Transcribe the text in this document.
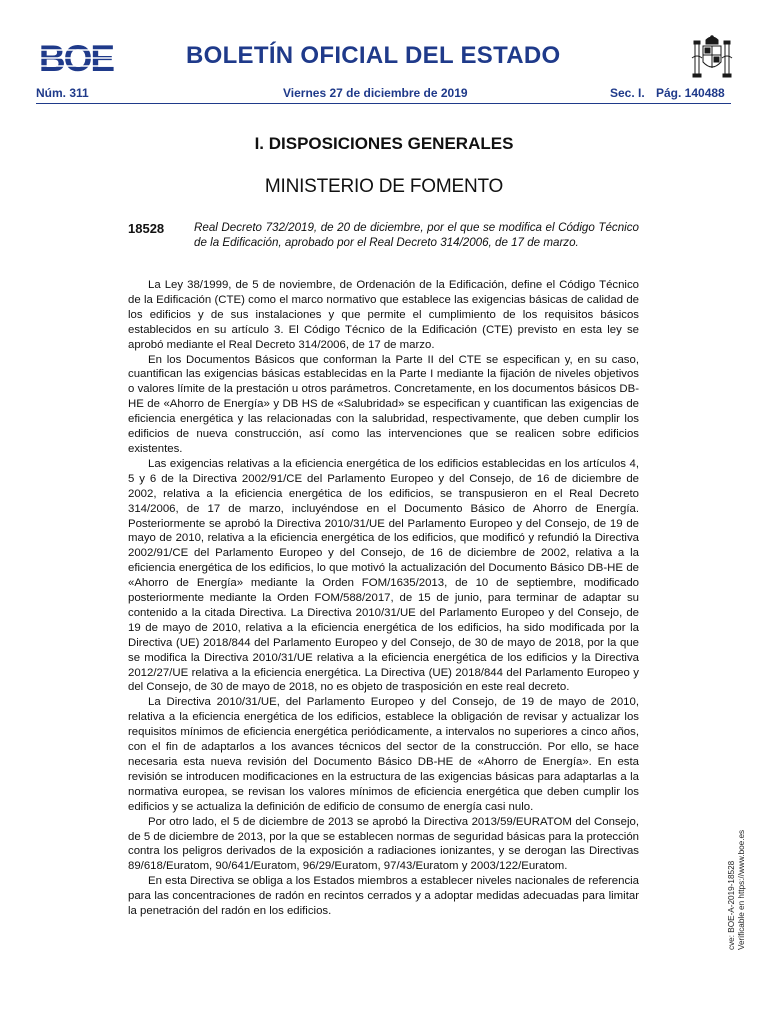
BOE	BOLETÍN OFICIAL DEL ESTADO
Núm. 311	Viernes 27 de diciembre de 2019	Sec. I. Pág. 140488
I. DISPOSICIONES GENERALES
MINISTERIO DE FOMENTO
18528	Real Decreto 732/2019, de 20 de diciembre, por el que se modifica el Código Técnico de la Edificación, aprobado por el Real Decreto 314/2006, de 17 de marzo.

La Ley 38/1999, de 5 de noviembre, de Ordenación de la Edificación, define el Código Técnico de la Edificación (CTE) como el marco normativo que establece las exigencias básicas de calidad de los edificios y de sus instalaciones y que permite el cumplimiento de los requisitos básicos establecidos en su artículo 3. El Código Técnico de la Edificación (CTE) previsto en esta ley se aprobó mediante el Real Decreto 314/2006, de 17 de marzo.

En los Documentos Básicos que conforman la Parte II del CTE se especifican y, en su caso, cuantifican las exigencias básicas establecidas en la Parte I mediante la fijación de niveles objetivos o valores límite de la prestación u otros parámetros. Concretamente, en los documentos básicos DB-HE de «Ahorro de Energía» y DB HS de «Salubridad» se especifican y cuantifican las exigencias de eficiencia energética y las relacionadas con la salubridad, respectivamente, que deben cumplir los edificios de nueva construcción, así como las intervenciones que se realicen sobre edificios existentes.

Las exigencias relativas a la eficiencia energética de los edificios establecidas en los artículos 4, 5 y 6 de la Directiva 2002/91/CE del Parlamento Europeo y del Consejo, de 16 de diciembre de 2002, relativa a la eficiencia energética de los edificios, se transpusieron en el Real Decreto 314/2006, de 17 de marzo, incluyéndose en el Documento Básico de Ahorro de Energía. Posteriormente se aprobó la Directiva 2010/31/UE del Parlamento Europeo y del Consejo, de 19 de mayo de 2010, relativa a la eficiencia energética de los edificios, que modificó y refundió la Directiva 2002/91/CE del Parlamento Europeo y del Consejo, de 16 de diciembre de 2002, relativa a la eficiencia energética de los edificios, lo que motivó la actualización del Documento Básico DB-HE de «Ahorro de Energía» mediante la Orden FOM/1635/2013, de 10 de septiembre, modificado posteriormente mediante la Orden FOM/588/2017, de 15 de junio, para terminar de adaptar su contenido a la citada Directiva. La Directiva 2010/31/UE del Parlamento Europeo y del Consejo, de 19 de mayo de 2010, relativa a la eficiencia energética de los edificios, ha sido modificada por la Directiva (UE) 2018/844 del Parlamento Europeo y del Consejo, de 30 de mayo de 2018, por la que se modifica la Directiva 2010/31/UE relativa a la eficiencia energética de los edificios y la Directiva 2012/27/UE relativa a la eficiencia energética. La Directiva (UE) 2018/844 del Parlamento Europeo y del Consejo, de 30 de mayo de 2018, no es objeto de trasposición en este real decreto.

La Directiva 2010/31/UE, del Parlamento Europeo y del Consejo, de 19 de mayo de 2010, relativa a la eficiencia energética de los edificios, establece la obligación de revisar y actualizar los requisitos mínimos de eficiencia energética periódicamente, a intervalos no superiores a cinco años, con el fin de adaptarlos a los avances técnicos del sector de la construcción. Por ello, se hace necesaria esta nueva revisión del Documento Básico DB-HE de «Ahorro de Energía». En esta revisión se introducen modificaciones en la estructura de las exigencias básicas para adaptarlas a la normativa europea, se revisan los valores mínimos de eficiencia energética que deben cumplir los edificios y se actualiza la definición de edificio de consumo de energía casi nulo.

Por otro lado, el 5 de diciembre de 2013 se aprobó la Directiva 2013/59/EURATOM del Consejo, de 5 de diciembre de 2013, por la que se establecen normas de seguridad básicas para la protección contra los peligros derivados de la exposición a radiaciones ionizantes, y se derogan las Directivas 89/618/Euratom, 90/641/Euratom, 96/29/Euratom, 97/43/Euratom y 2003/122/Euratom.

En esta Directiva se obliga a los Estados miembros a establecer niveles nacionales de referencia para las concentraciones de radón en recintos cerrados y a adoptar medidas adecuadas para limitar la penetración del radón en los edificios.	cve: BOE-A-2019-18528 Verificable en https://www.boe.es
